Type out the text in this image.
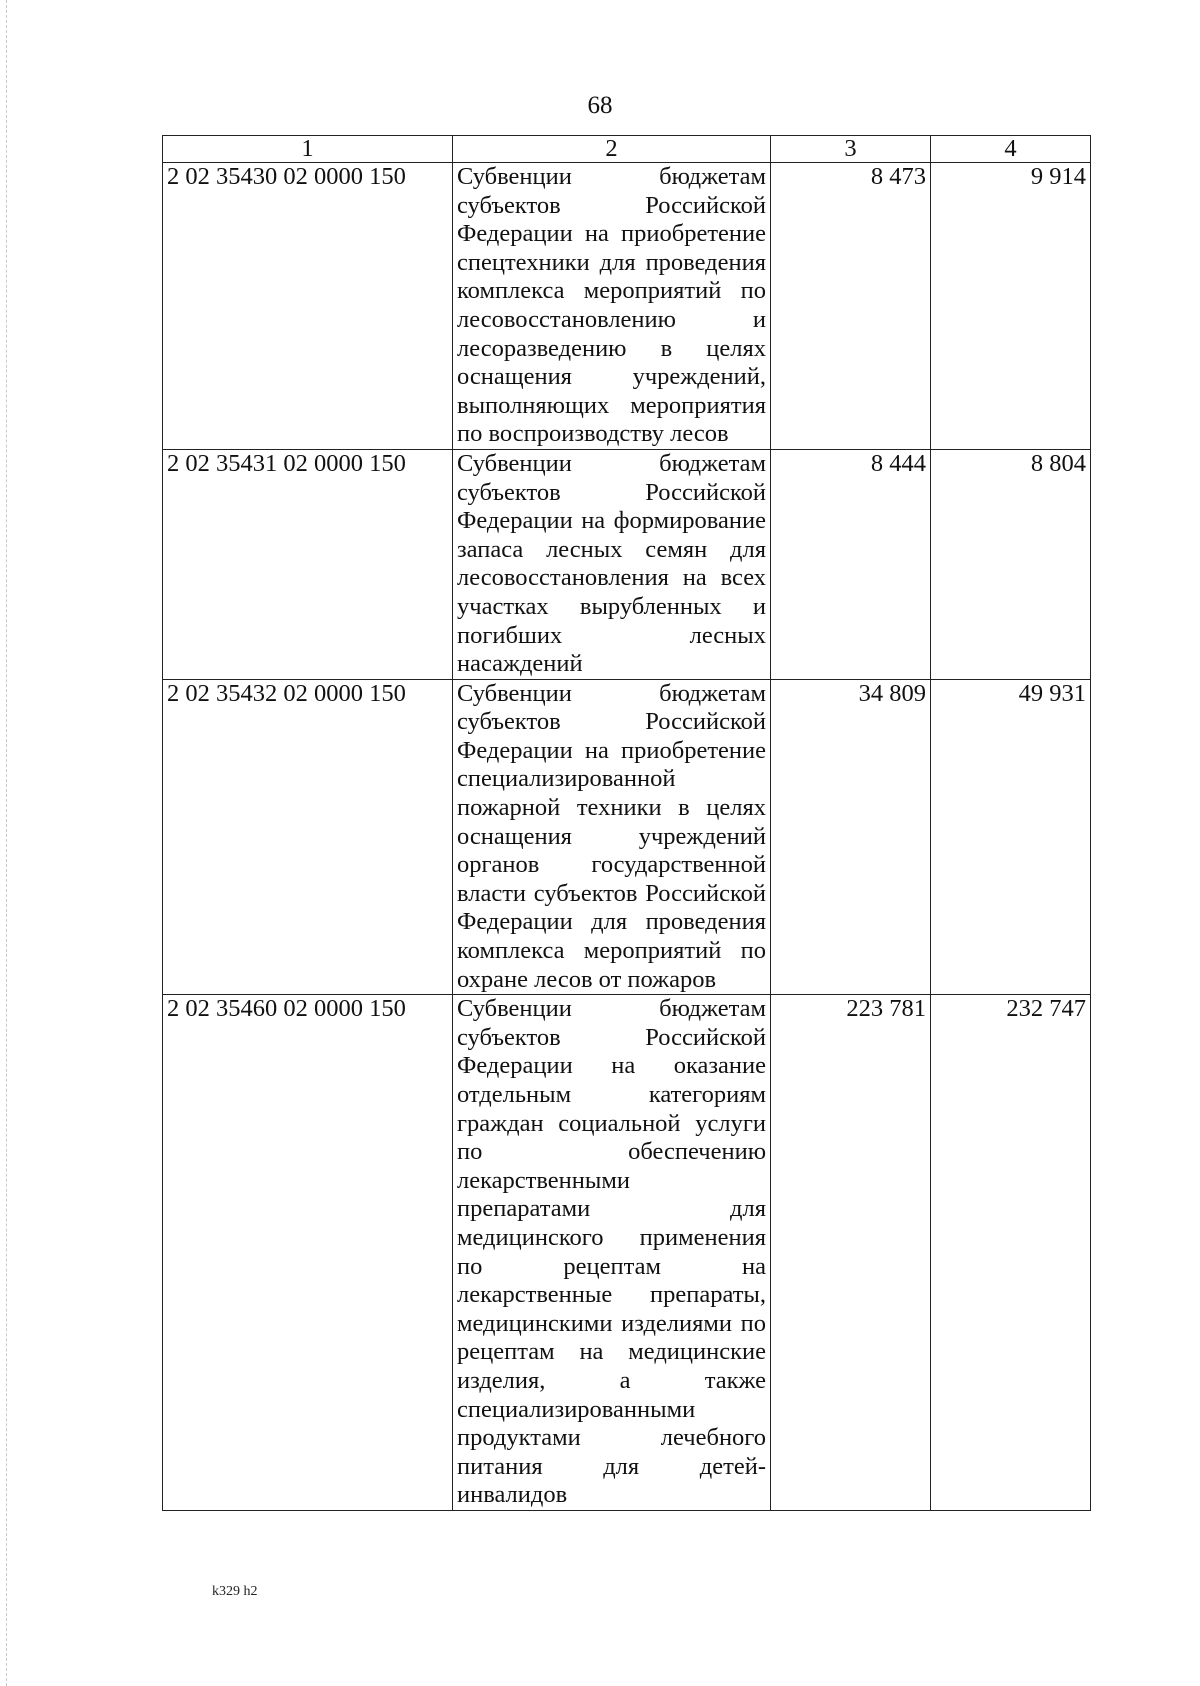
68
1	2	3	4
2 02 35430 02 0000 150	Субвенции бюджетам субъектов Российской Федерации на приобретение спецтехники для проведения комплекса мероприятий по лесовосстановлению и лесоразведению в целях оснащения учреждений, выполняющих мероприятия по воспроизводству лесов	8 473	9 914
2 02 35431 02 0000 150	Субвенции бюджетам субъектов Российской Федерации на формирование запаса лесных семян для лесовосстановления на всех участках вырубленных и погибших лесных насаждений	8 444	8 804
2 02 35432 02 0000 150	Субвенции бюджетам субъектов Российской Федерации на приобретение специализированной пожарной техники в целях оснащения учреждений органов государственной власти субъектов Российской Федерации для проведения комплекса мероприятий по охране лесов от пожаров	34 809	49 931
2 02 35460 02 0000 150	Субвенции бюджетам субъектов Российской Федерации на оказание отдельным категориям граждан социальной услуги по обеспечению лекарственными препаратами для медицинского применения по рецептам на лекарственные препараты, медицинскими изделиями по рецептам на медицинские изделия, а также специализированными продуктами лечебного питания для детей-инвалидов	223 781	232 747
k329 h2
